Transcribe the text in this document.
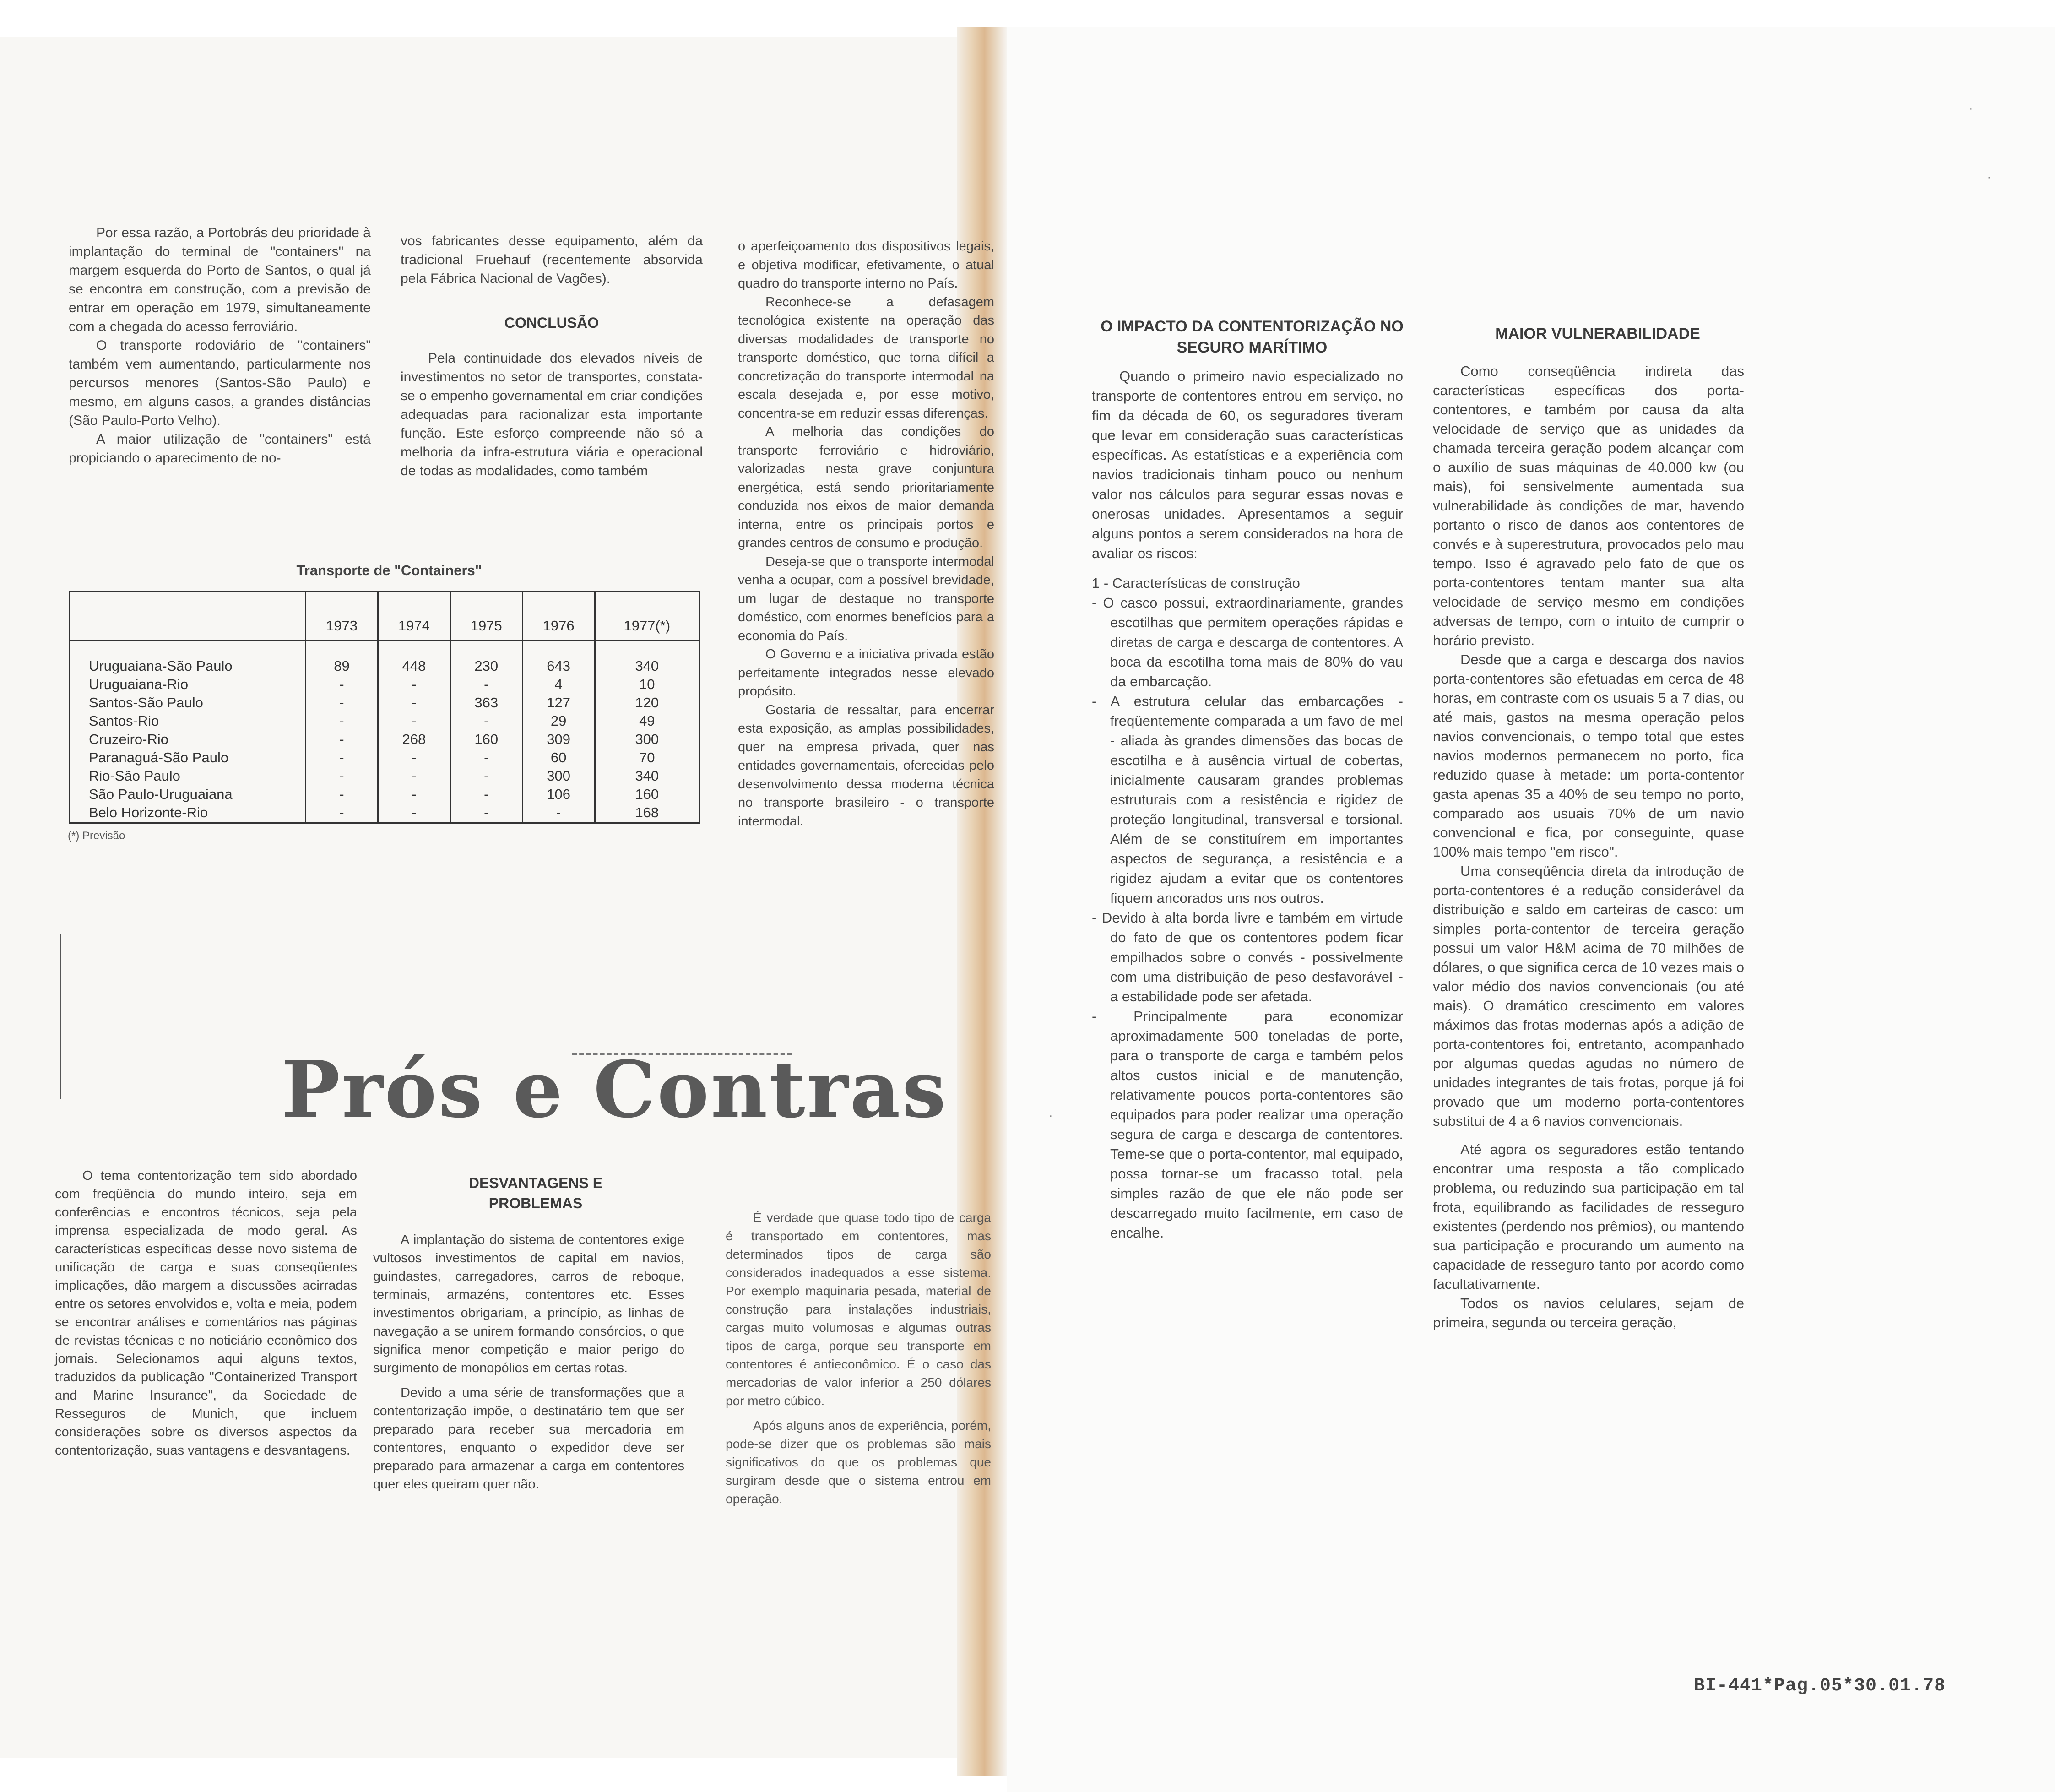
Por essa razão, a Portobrás deu prioridade à implantação do terminal de "containers" na margem esquerda do Porto de Santos, o qual já se encontra em construção, com a previsão de entrar em operação em 1979, simultaneamente com a chegada do acesso ferroviário.

O transporte rodoviário de "containers" também vem aumentando, particularmente nos percursos menores (Santos-São Paulo) e mesmo, em alguns casos, a grandes distâncias (São Paulo-Porto Velho).

A maior utilização de "containers" está propiciando o aparecimento de no-

vos fabricantes desse equipamento, além da tradicional Fruehauf (recentemente absorvida pela Fábrica Nacional de Vagões).

CONCLUSÃO

Pela continuidade dos elevados níveis de investimentos no setor de transportes, constata-se o empenho governamental em criar condições adequadas para racionalizar esta importante função. Este esforço compreende não só a melhoria da infra-estrutura viária e operacional de todas as modalidades, como também

o aperfeiçoamento dos dispositivos legais, e objetiva modificar, efetivamente, o atual quadro do transporte interno no País.

Reconhece-se a defasagem tecnológica existente na operação das diversas modalidades de transporte no transporte doméstico, que torna difícil a concretização do transporte intermodal na escala desejada e, por esse motivo, concentra-se em reduzir essas diferenças.

A melhoria das condições do transporte ferroviário e hidroviário, valorizadas nesta grave conjuntura energética, está sendo prioritariamente conduzida nos eixos de maior demanda interna, entre os principais portos e grandes centros de consumo e produção.

Deseja-se que o transporte intermodal venha a ocupar, com a possível brevidade, um lugar de destaque no transporte doméstico, com enormes benefícios para a economia do País.

O Governo e a iniciativa privada estão perfeitamente integrados nesse elevado propósito.

Gostaria de ressaltar, para encerrar esta exposição, as amplas possibilidades, quer na empresa privada, quer nas entidades governamentais, oferecidas pelo desenvolvimento dessa moderna técnica no transporte brasileiro - o transporte intermodal.

Transporte de "Containers"
	1973	1974	1975	1976	1977(*)
Uruguaiana-São Paulo	89	448	230	643	340
Uruguaiana-Rio	-	-	-	4	10
Santos-São Paulo	-	-	363	127	120
Santos-Rio	-	-	-	29	49
Cruzeiro-Rio	-	268	160	309	300
Paranaguá-São Paulo	-	-	-	60	70
Rio-São Paulo	-	-	-	300	340
São Paulo-Uruguaiana	-	-	-	106	160
Belo Horizonte-Rio	-	-	-	-	168
(*) Previsão
Prós e Contras

O tema contentorização tem sido abordado com freqüência do mundo inteiro, seja em conferências e encontros técnicos, seja pela imprensa especializada de modo geral. As características específicas desse novo sistema de unificação de carga e suas conseqüentes implicações, dão margem a discussões acirradas entre os setores envolvidos e, volta e meia, podem se encontrar análises e comentários nas páginas de revistas técnicas e no noticiário econômico dos jornais. Selecionamos aqui alguns textos, traduzidos da publicação "Containerized Transport and Marine Insurance", da Sociedade de Resseguros de Munich, que incluem considerações sobre os diversos aspectos da contentorização, suas vantagens e desvantagens.

DESVANTAGENS E PROBLEMAS

A implantação do sistema de contentores exige vultosos investimentos de capital em navios, guindastes, carregadores, carros de reboque, terminais, armazéns, contentores etc. Esses investimentos obrigariam, a princípio, as linhas de navegação a se unirem formando consórcios, o que significa menor competição e maior perigo do surgimento de monopólios em certas rotas.

Devido a uma série de transformações que a contentorização impõe, o destinatário tem que ser preparado para receber sua mercadoria em contentores, enquanto o expedidor deve ser preparado para armazenar a carga em contentores quer eles queiram quer não.

É verdade que quase todo tipo de carga é transportado em contentores, mas determinados tipos de carga são considerados inadequados a esse sistema. Por exemplo maquinaria pesada, material de construção para instalações industriais, cargas muito volumosas e algumas outras tipos de carga, porque seu transporte em contentores é antieconômico. É o caso das mercadorias de valor inferior a 250 dólares por metro cúbico.

Após alguns anos de experiência, porém, pode-se dizer que os problemas são mais significativos do que os problemas que surgiram desde que o sistema entrou em operação.

O IMPACTO DA CONTENTORIZAÇÃO NO SEGURO MARÍTIMO

Quando o primeiro navio especializado no transporte de contentores entrou em serviço, no fim da década de 60, os seguradores tiveram que levar em consideração suas características específicas. As estatísticas e a experiência com navios tradicionais tinham pouco ou nenhum valor nos cálculos para segurar essas novas e onerosas unidades. Apresentamos a seguir alguns pontos a serem considerados na hora de avaliar os riscos:

1 - Características de construção

- O casco possui, extraordinariamente, grandes escotilhas que permitem operações rápidas e diretas de carga e descarga de contentores. A boca da escotilha toma mais de 80% do vau da embarcação.

- A estrutura celular das embarcações - freqüentemente comparada a um favo de mel - aliada às grandes dimensões das bocas de escotilha e à ausência virtual de cobertas, inicialmente causaram grandes problemas estruturais com a resistência e rigidez de proteção longitudinal, transversal e torsional. Além de se constituírem em importantes aspectos de segurança, a resistência e a rigidez ajudam a evitar que os contentores fiquem ancorados uns nos outros.

- Devido à alta borda livre e também em virtude do fato de que os contentores podem ficar empilhados sobre o convés - possivelmente com uma distribuição de peso desfavorável - a estabilidade pode ser afetada.

- Principalmente para economizar aproximadamente 500 toneladas de porte, para o transporte de carga e também pelos altos custos inicial e de manutenção, relativamente poucos porta-contentores são equipados para poder realizar uma operação segura de carga e descarga de contentores. Teme-se que o porta-contentor, mal equipado, possa tornar-se um fracasso total, pela simples razão de que ele não pode ser descarregado muito facilmente, em caso de encalhe.

MAIOR VULNERABILIDADE

Como conseqüência indireta das características específicas dos porta-contentores, e também por causa da alta velocidade de serviço que as unidades da chamada terceira geração podem alcançar com o auxílio de suas máquinas de 40.000 kw (ou mais), foi sensivelmente aumentada sua vulnerabilidade às condições de mar, havendo portanto o risco de danos aos contentores de convés e à superestrutura, provocados pelo mau tempo. Isso é agravado pelo fato de que os porta-contentores tentam manter sua alta velocidade de serviço mesmo em condições adversas de tempo, com o intuito de cumprir o horário previsto.

Desde que a carga e descarga dos navios porta-contentores são efetuadas em cerca de 48 horas, em contraste com os usuais 5 a 7 dias, ou até mais, gastos na mesma operação pelos navios convencionais, o tempo total que estes navios modernos permanecem no porto, fica reduzido quase à metade: um porta-contentor gasta apenas 35 a 40% de seu tempo no porto, comparado aos usuais 70% de um navio convencional e fica, por conseguinte, quase 100% mais tempo "em risco".

Uma conseqüência direta da introdução de porta-contentores é a redução considerável da distribuição e saldo em carteiras de casco: um simples porta-contentor de terceira geração possui um valor H&M acima de 70 milhões de dólares, o que significa cerca de 10 vezes mais o valor médio dos navios convencionais (ou até mais). O dramático crescimento em valores máximos das frotas modernas após a adição de porta-contentores foi, entretanto, acompanhado por algumas quedas agudas no número de unidades integrantes de tais frotas, porque já foi provado que um moderno porta-contentores substitui de 4 a 6 navios convencionais.

Até agora os seguradores estão tentando encontrar uma resposta a tão complicado problema, ou reduzindo sua participação em tal frota, equilibrando as facilidades de resseguro existentes (perdendo nos prêmios), ou mantendo sua participação e procurando um aumento na capacidade de resseguro tanto por acordo como facultativamente.

Todos os navios celulares, sejam de primeira, segunda ou terceira geração,

·
·
·
BI-441*Pag.05*30.01.78
